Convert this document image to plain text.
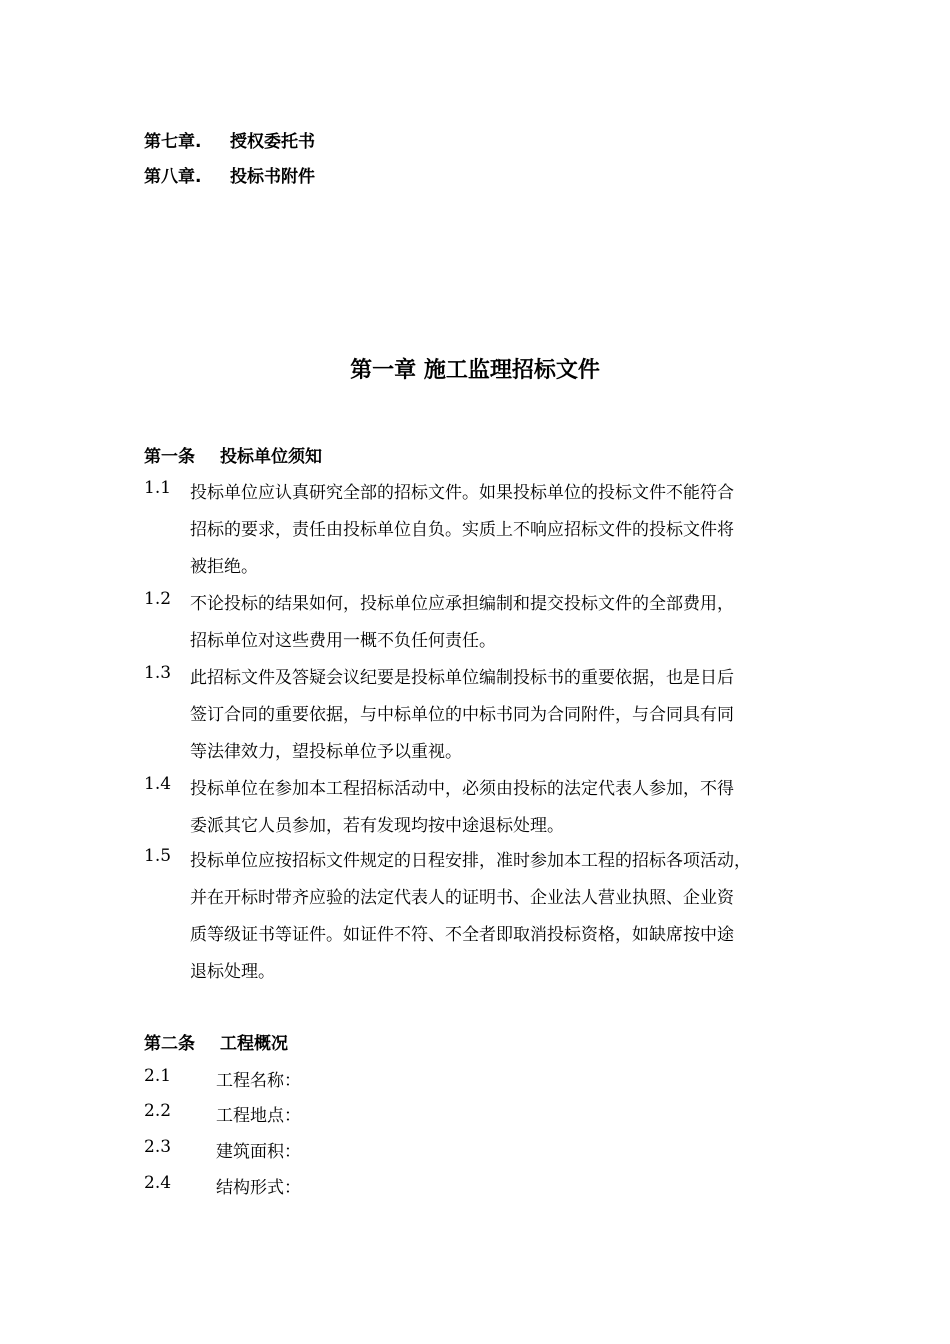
第七章. 授权委托书
第八章. 投标书附件
第一章 施工监理招标文件
第一条 投标单位须知
1.1 投标单位应认真研究全部的招标文件。如果投标单位的投标文件不能符合
招标的要求，责任由投标单位自负。实质上不响应招标文件的投标文件将
被拒绝。
1.2 不论投标的结果如何，投标单位应承担编制和提交投标文件的全部费用，
招标单位对这些费用一概不负任何责任。
1.3 此招标文件及答疑会议纪要是投标单位编制投标书的重要依据，也是日后
签订合同的重要依据，与中标单位的中标书同为合同附件，与合同具有同
等法律效力，望投标单位予以重视。
1.4 投标单位在参加本工程招标活动中，必须由投标的法定代表人参加，不得
委派其它人员参加，若有发现均按中途退标处理。
1.5 投标单位应按招标文件规定的日程安排，准时参加本工程的招标各项活动，
并在开标时带齐应验的法定代表人的证明书、企业法人营业执照、企业资
质等级证书等证件。如证件不符、不全者即取消投标资格，如缺席按中途
退标处理。
第二条 工程概况
2.1	工程名称：
2.2	工程地点：
2.3	建筑面积：
2.4	结构形式：
